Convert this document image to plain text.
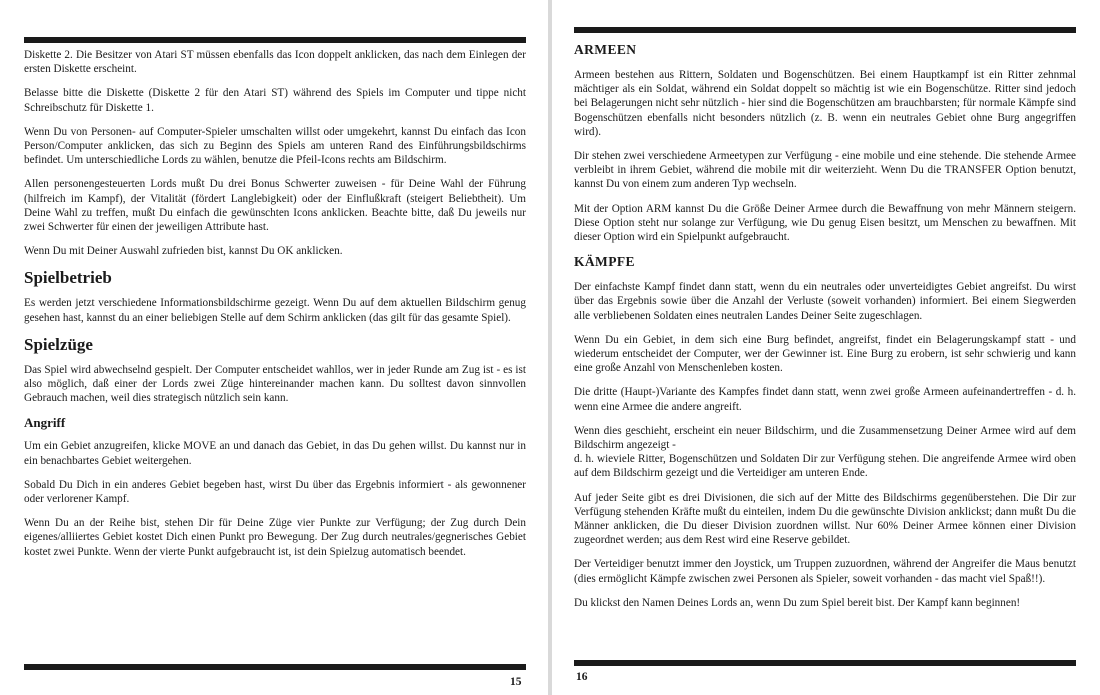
Diskette 2. Die Besitzer von Atari ST müssen ebenfalls das Icon doppelt anklicken, das nach dem Einlegen der ersten Diskette erscheint.

Belasse bitte die Diskette (Diskette 2 für den Atari ST) während des Spiels im Computer und tippe nicht Schreibschutz für Diskette 1.

Wenn Du von Personen- auf Computer-Spieler umschalten willst oder umgekehrt, kannst Du einfach das Icon Person/Computer anklicken, das sich zu Beginn des Spiels am unteren Rand des Einführungsbildschirms befindet. Um unterschiedliche Lords zu wählen, benutze die Pfeil-Icons rechts am Bildschirm.

Allen personengesteuerten Lords mußt Du drei Bonus Schwerter zuweisen - für Deine Wahl der Führung (hilfreich im Kampf), der Vitalität (fördert Langlebigkeit) oder der Einflußkraft (steigert Beliebtheit). Um Deine Wahl zu treffen, mußt Du einfach die gewünschten Icons anklicken. Beachte bitte, daß Du jeweils nur zwei Schwerter für einen der jeweiligen Attribute hast.

Wenn Du mit Deiner Auswahl zufrieden bist, kannst Du OK anklicken.

Spielbetrieb

Es werden jetzt verschiedene Informationsbildschirme gezeigt. Wenn Du auf dem aktuellen Bildschirm genug gesehen hast, kannst du an einer beliebigen Stelle auf dem Schirm anklicken (das gilt für das gesamte Spiel).

Spielzüge

Das Spiel wird abwechselnd gespielt. Der Computer entscheidet wahllos, wer in jeder Runde am Zug ist - es ist also möglich, daß einer der Lords zwei Züge hintereinander machen kann. Du solltest davon sinnvollen Gebrauch machen, weil dies strategisch nützlich sein kann.

Angriff

Um ein Gebiet anzugreifen, klicke MOVE an und danach das Gebiet, in das Du gehen willst. Du kannst nur in ein benachbartes Gebiet weitergehen.

Sobald Du Dich in ein anderes Gebiet begeben hast, wirst Du über das Ergebnis informiert - als gewonnener oder verlorener Kampf.

Wenn Du an der Reihe bist, stehen Dir für Deine Züge vier Punkte zur Verfügung; der Zug durch Dein eigenes/alliiertes Gebiet kostet Dich einen Punkt pro Bewegung. Der Zug durch neutrales/gegnerisches Gebiet kostet zwei Punkte. Wenn der vierte Punkt aufgebraucht ist, ist dein Spielzug automatisch beendet.

15
ARMEEN

Armeen bestehen aus Rittern, Soldaten und Bogenschützen. Bei einem Hauptkampf ist ein Ritter zehnmal mächtiger als ein Soldat, während ein Soldat doppelt so mächtig ist wie ein Bogenschütze. Ritter sind jedoch bei Belagerungen nicht sehr nützlich - hier sind die Bogenschützen am brauchbarsten; für normale Kämpfe sind Bogenschützen ebenfalls nicht besonders nützlich (z. B. wenn ein neutrales Gebiet ohne Burg angegriffen wird).

Dir stehen zwei verschiedene Armeetypen zur Verfügung - eine mobile und eine stehende. Die stehende Armee verbleibt in ihrem Gebiet, während die mobile mit dir weiterzieht. Wenn Du die TRANSFER Option benutzt, kannst Du von einem zum anderen Typ wechseln.

Mit der Option ARM kannst Du die Größe Deiner Armee durch die Bewaffnung von mehr Männern steigern. Diese Option steht nur solange zur Verfügung, wie Du genug Eisen besitzt, um Menschen zu bewaffnen. Mit dieser Option wird ein Spielpunkt aufgebraucht.

KÄMPFE

Der einfachste Kampf findet dann statt, wenn du ein neutrales oder unverteidigtes Gebiet angreifst. Du wirst über das Ergebnis sowie über die Anzahl der Verluste (soweit vorhanden) informiert. Bei einem Siegwerden alle verbliebenen Soldaten eines neutralen Landes Deiner Seite zugeschlagen.

Wenn Du ein Gebiet, in dem sich eine Burg befindet, angreifst, findet ein Belagerungskampf statt - und wiederum entscheidet der Computer, wer der Gewinner ist. Eine Burg zu erobern, ist sehr schwierig und kann eine große Anzahl von Menschenleben kosten.

Die dritte (Haupt-)Variante des Kampfes findet dann statt, wenn zwei große Armeen aufeinandertreffen - d. h. wenn eine Armee die andere angreift.

Wenn dies geschieht, erscheint ein neuer Bildschirm, und die Zusammensetzung Deiner Armee wird auf dem Bildschirm angezeigt -

d. h. wieviele Ritter, Bogenschützen und Soldaten Dir zur Verfügung stehen. Die angreifende Armee wird oben auf dem Bildschirm gezeigt und die Verteidiger am unteren Ende.

Auf jeder Seite gibt es drei Divisionen, die sich auf der Mitte des Bildschirms gegenüberstehen. Die Dir zur Verfügung stehenden Kräfte mußt du einteilen, indem Du die gewünschte Division anklickst; dann mußt Du die Männer anklicken, die Du dieser Division zuordnen willst. Nur 60% Deiner Armee können einer Division zugeordnet werden; aus dem Rest wird eine Reserve gebildet.

Der Verteidiger benutzt immer den Joystick, um Truppen zuzuordnen, während der Angreifer die Maus benutzt (dies ermöglicht Kämpfe zwischen zwei Personen als Spieler, soweit vorhanden - das macht viel Spaß!!).

Du klickst den Namen Deines Lords an, wenn Du zum Spiel bereit bist. Der Kampf kann beginnen!

16
